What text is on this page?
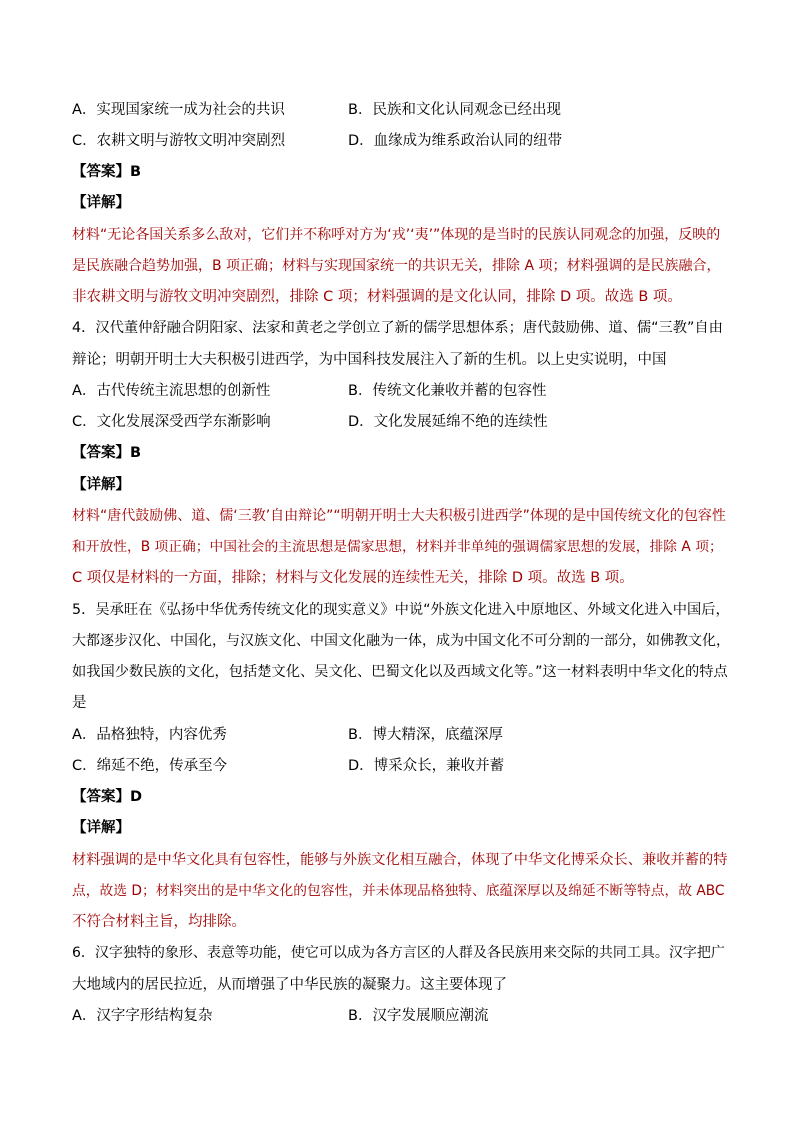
A．实现国家统一成为社会的共识	B．民族和文化认同观念已经出现
C．农耕文明与游牧文明冲突剧烈	D．血缘成为维系政治认同的纽带
【答案】B
【详解】
材料“无论各国关系多么敌对，它们并不称呼对方为‘戎’‘夷’”体现的是当时的民族认同观念的加强，反映的
是民族融合趋势加强，B 项正确；材料与实现国家统一的共识无关，排除 A 项；材料强调的是民族融合，
非农耕文明与游牧文明冲突剧烈，排除 C 项；材料强调的是文化认同，排除 D 项。故选 B 项。
4．汉代董仲舒融合阴阳家、法家和黄老之学创立了新的儒学思想体系；唐代鼓励佛、道、儒“三教”自由
辩论；明朝开明士大夫积极引进西学，为中国科技发展注入了新的生机。以上史实说明，中国
A．古代传统主流思想的创新性	B．传统文化兼收并蓄的包容性
C．文化发展深受西学东渐影响	D．文化发展延绵不绝的连续性
【答案】B
【详解】
材料“唐代鼓励佛、道、儒‘三教’自由辩论”“明朝开明士大夫积极引进西学”体现的是中国传统文化的包容性
和开放性，B 项正确；中国社会的主流思想是儒家思想，材料并非单纯的强调儒家思想的发展，排除 A 项；
C 项仅是材料的一方面，排除；材料与文化发展的连续性无关，排除 D 项。故选 B 项。
5．吴承旺在《弘扬中华优秀传统文化的现实意义》中说“外族文化进入中原地区、外域文化进入中国后，
大都逐步汉化、中国化，与汉族文化、中国文化融为一体，成为中国文化不可分割的一部分，如佛教文化，
如我国少数民族的文化，包括楚文化、吴文化、巴蜀文化以及西域文化等。”这一材料表明中华文化的特点
是
A．品格独特，内容优秀	B．博大精深，底蕴深厚
C．绵延不绝，传承至今	D．博采众长，兼收并蓄
【答案】D
【详解】
材料强调的是中华文化具有包容性，能够与外族文化相互融合，体现了中华文化博采众长、兼收并蓄的特
点，故选 D；材料突出的是中华文化的包容性，并未体现品格独特、底蕴深厚以及绵延不断等特点，故 ABC
不符合材料主旨，均排除。
6．汉字独特的象形、表意等功能，使它可以成为各方言区的人群及各民族用来交际的共同工具。汉字把广
大地域内的居民拉近，从而增强了中华民族的凝聚力。这主要体现了
A．汉字字形结构复杂	B．汉字发展顺应潮流
